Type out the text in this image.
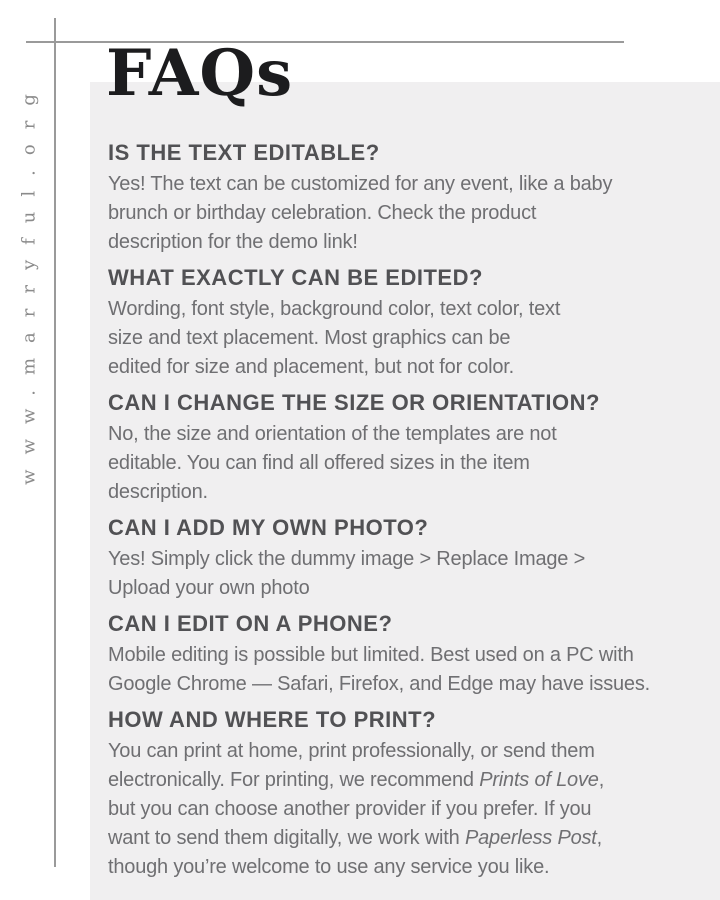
www.marryful.org	IS THE TEXT EDITABLE?
Yes! The text can be customized for any event, like a baby
brunch or birthday celebration. Check the product
description for the demo link!
WHAT EXACTLY CAN BE EDITED?
Wording, font style, background color, text color, text
size and text placement. Most graphics can be
edited for size and placement, but not for color.
CAN I CHANGE THE SIZE OR ORIENTATION?
No, the size and orientation of the templates are not
editable. You can find all offered sizes in the item
description.
CAN I ADD MY OWN PHOTO?
Yes! Simply click the dummy image > Replace Image >
Upload your own photo
CAN I EDIT ON A PHONE?
Mobile editing is possible but limited. Best used on a PC with
Google Chrome — Safari, Firefox, and Edge may have issues.
HOW AND WHERE TO PRINT?
You can print at home, print professionally, or send them
electronically. For printing, we recommend Prints of Love,
but you can choose another provider if you prefer. If you
want to send them digitally, we work with Paperless Post,
though you’re welcome to use any service you like.
FAQs
